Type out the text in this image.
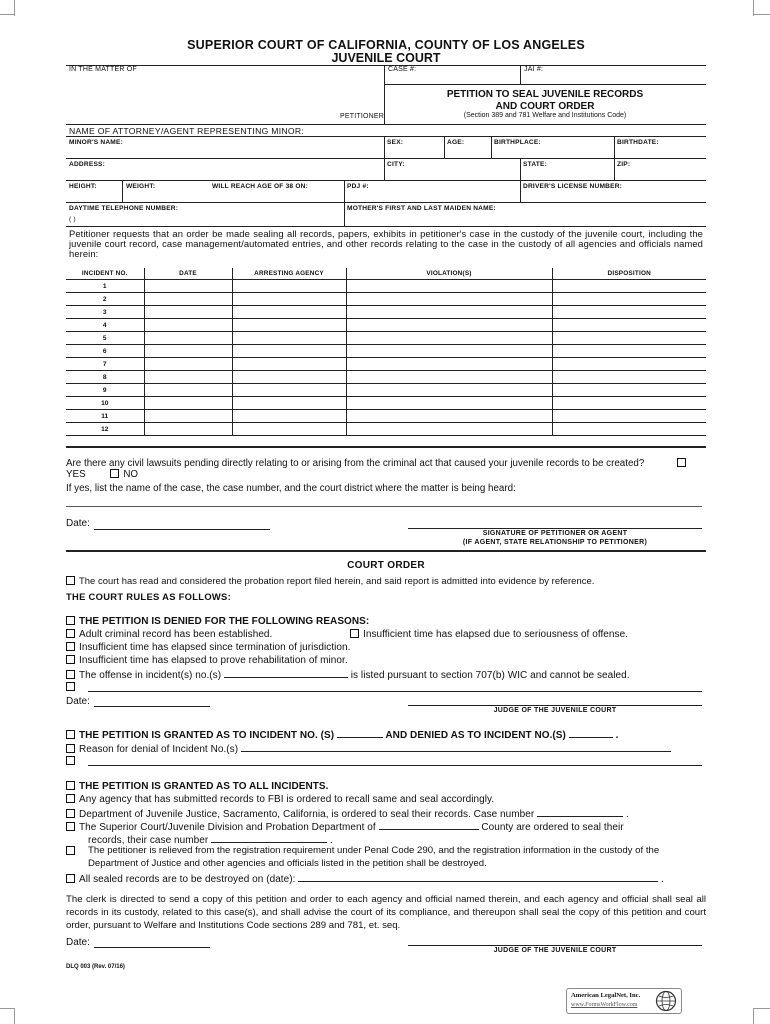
SUPERIOR COURT OF CALIFORNIA, COUNTY OF LOS ANGELES
JUVENILE COURT
IN THE MATTER OF	CASE #:	JAI #:
PETITION TO SEAL JUVENILE RECORDS
AND COURT ORDER
(Section 389 and 781 Welfare and Institutions Code)
PETITIONER
NAME OF ATTORNEY/AGENT REPRESENTING MINOR:
MINOR'S NAME:	SEX:	AGE:	BIRTHPLACE:	BIRTHDATE:
ADDRESS:	CITY:	STATE:	ZIP:
HEIGHT:	WEIGHT:	WILL REACH AGE OF 38 ON:	PDJ #:	DRIVER'S LICENSE NUMBER:
DAYTIME TELEPHONE NUMBER:
( )
MOTHER'S FIRST AND LAST MAIDEN NAME:
Petitioner requests that an order be made sealing all records, papers, exhibits in petitioner's case in the custody of the juvenile court, including the juvenile court record, case management/automated entries, and other records relating to the case in the custody of all agencies and officials named herein:
INCIDENT NO.	DATE	ARRESTING AGENCY	VIOLATION(S)	DISPOSITION
1				
2				
3				
4				
5				
6				
7				
8				
9				
10				
11				
12				
Are there any civil lawsuits pending directly relating to or arising from the criminal act that caused your juvenile records to be created? YES	NO
If yes, list the name of the case, the case number, and the court district where the matter is being heard:
Date:
SIGNATURE OF PETITIONER OR AGENT
(IF AGENT, STATE RELATIONSHIP TO PETITIONER)
COURT ORDER
The court has read and considered the probation report filed herein, and said report is admitted into evidence by reference.
THE COURT RULES AS FOLLOWS:
THE PETITION IS DENIED FOR THE FOLLOWING REASONS:
Adult criminal record has been established.	Insufficient time has elapsed due to seriousness of offense.
Insufficient time has elapsed since termination of jurisdiction.
Insufficient time has elapsed to prove rehabilitation of minor.
The offense in incident(s) no.(s)	is listed pursuant to section 707(b) WIC and cannot be sealed.
Date:
JUDGE OF THE JUVENILE COURT
THE PETITION IS GRANTED AS TO INCIDENT NO. (S)	AND DENIED AS TO INCIDENT NO.(S)	.
Reason for denial of Incident No.(s)
THE PETITION IS GRANTED AS TO ALL INCIDENTS.
Any agency that has submitted records to FBI is ordered to recall same and seal accordingly.
Department of Juvenile Justice, Sacramento, California, is ordered to seal their records. Case number	.
The Superior Court/Juvenile Division and Probation Department of	County are ordered to seal their
records, their case number	.
The petitioner is relieved from the registration requirement under Penal Code 290, and the registration information in the custody of the Department of Justice and other agencies and officials listed in the petition shall be destroyed.
All sealed records are to be destroyed on (date):	.
The clerk is directed to send a copy of this petition and order to each agency and official named therein, and each agency and official shall seal all records in its custody, related to this case(s), and shall advise the court of its compliance, and thereupon shall seal the copy of this petition and court order, pursuant to Welfare and Institutions Code sections 289 and 781, et. seq.
Date:
JUDGE OF THE JUVENILE COURT
DLQ 003 (Rev. 07/16)
American LegalNet, Inc.
www.FormsWorkFlow.com
